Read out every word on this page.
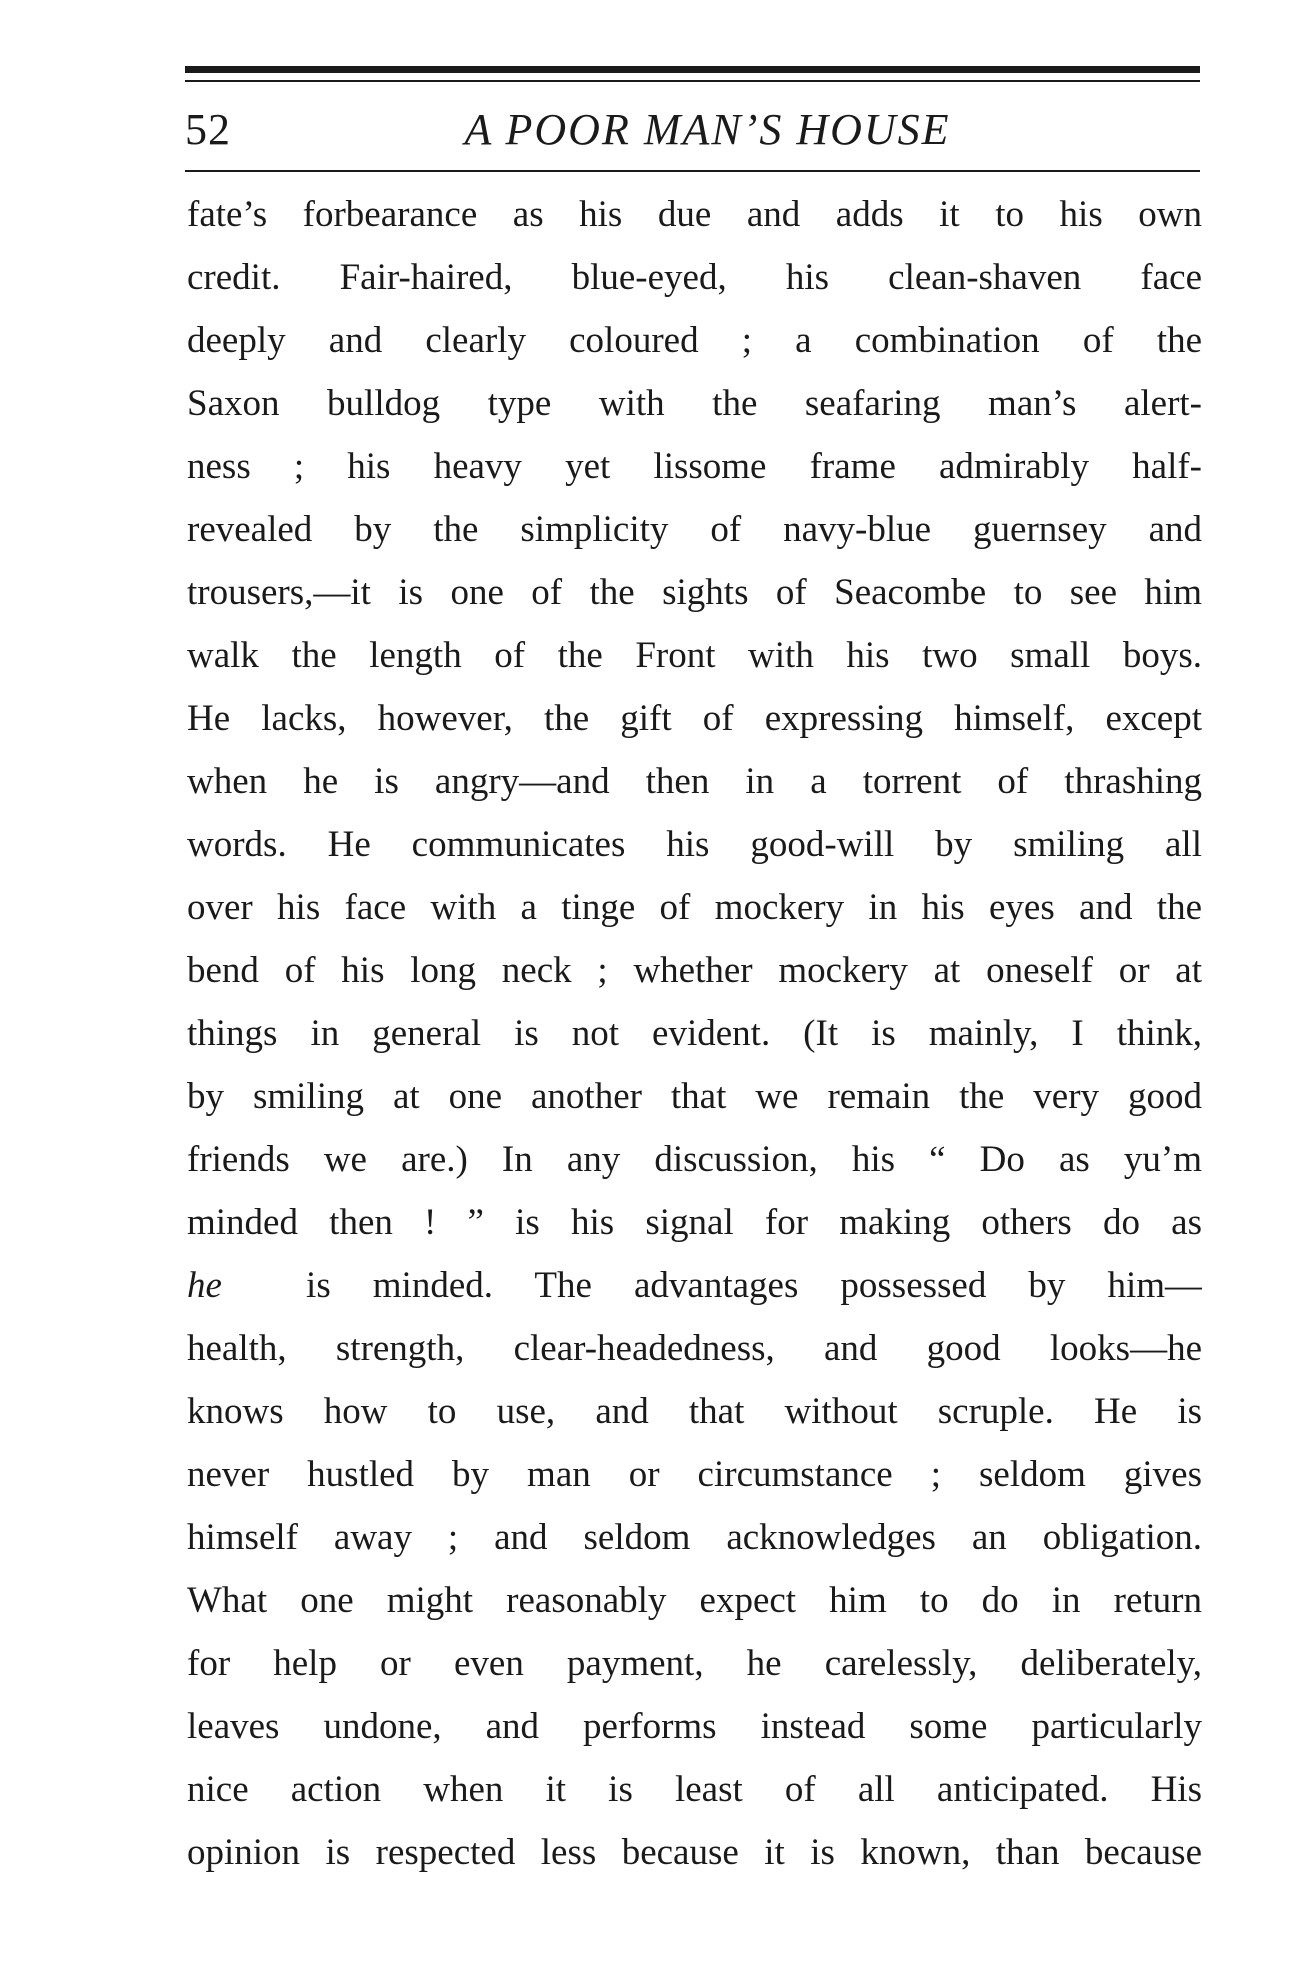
52	A POOR MAN’S HOUSE
fate’s forbearance as his due and adds it to his own
credit. Fair-haired, blue-eyed, his clean-shaven face
deeply and clearly coloured ; a combination of the
Saxon bulldog type with the seafaring man’s alert-
ness ; his heavy yet lissome frame admirably half-
revealed by the simplicity of navy-blue guernsey and
trousers,—it is one of the sights of Seacombe to see him
walk the length of the Front with his two small boys.
He lacks, however, the gift of expressing himself, except
when he is angry—and then in a torrent of thrashing
words. He communicates his good-will by smiling all
over his face with a tinge of mockery in his eyes and the
bend of his long neck ; whether mockery at oneself or at
things in general is not evident. (It is mainly, I think,
by smiling at one another that we remain the very good
friends we are.) In any discussion, his “ Do as yu’m
minded then ! ” is his signal for making others do as
he is minded. The advantages possessed by him—
health, strength, clear-headedness, and good looks—he
knows how to use, and that without scruple. He is
never hustled by man or circumstance ; seldom gives
himself away ; and seldom acknowledges an obligation.
What one might reasonably expect him to do in return
for help or even payment, he carelessly, deliberately,
leaves undone, and performs instead some particularly
nice action when it is least of all anticipated. His
opinion is respected less because it is known, than because
